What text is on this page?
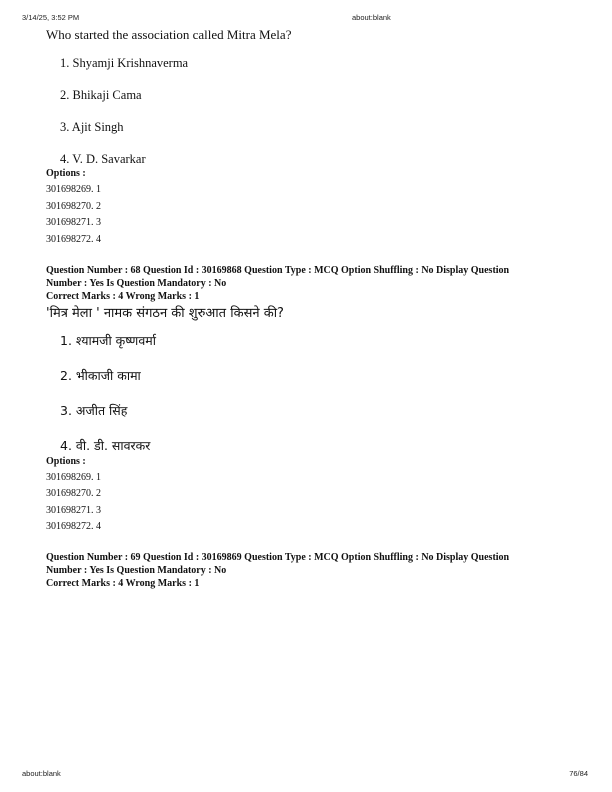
3/14/25, 3:52 PM	about:blank

Who started the association called Mitra Mela?

1. Shyamji Krishnaverma
2. Bhikaji Cama
3. Ajit Singh
4. V. D. Savarkar
Options :
301698269. 1
301698270. 2
301698271. 3
301698272. 4

Question Number : 68 Question Id : 30169868 Question Type : MCQ Option Shuffling : No Display Question

Number : Yes Is Question Mandatory : No

Correct Marks : 4 Wrong Marks : 1

'मित्र मेला ' नामक संगठन की शुरुआत किसने की?

1. श्यामजी कृष्णवर्मा
2. भीकाजी कामा
3. अजीत सिंह
4. वी. डी. सावरकर
Options :
301698269. 1
301698270. 2
301698271. 3
301698272. 4

Question Number : 69 Question Id : 30169869 Question Type : MCQ Option Shuffling : No Display Question

Number : Yes Is Question Mandatory : No

Correct Marks : 4 Wrong Marks : 1

about:blank	76/84
